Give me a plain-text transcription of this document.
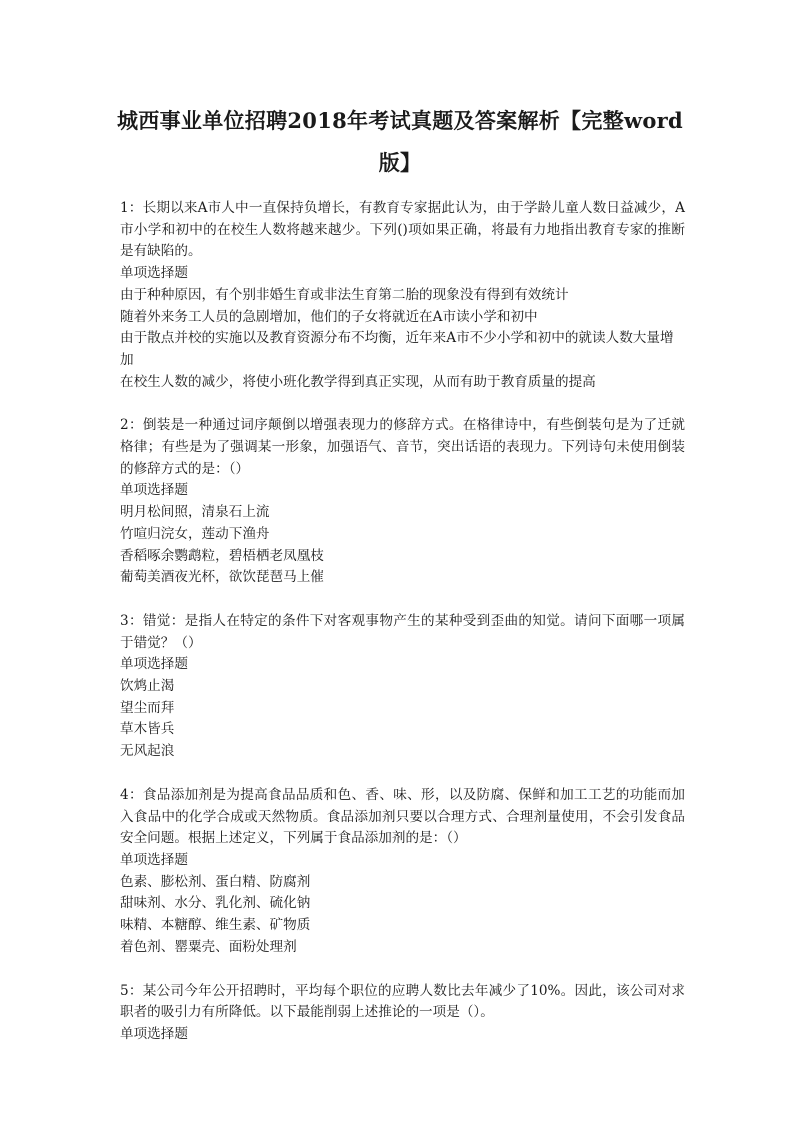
城西事业单位招聘2018年考试真题及答案解析【完整word版】

1：长期以来A市人中一直保持负增长，有教育专家据此认为，由于学龄儿童人数日益减少，A市小学和初中的在校生人数将越来越少。下列()项如果正确，将最有力地指出教育专家的推断是有缺陷的。

单项选择题

由于种种原因，有个别非婚生育或非法生育第二胎的现象没有得到有效统计

随着外来务工人员的急剧增加，他们的子女将就近在A市读小学和初中

由于散点并校的实施以及教育资源分布不均衡，近年来A市不少小学和初中的就读人数大量增加

在校生人数的减少，将使小班化教学得到真正实现，从而有助于教育质量的提高

2：倒装是一种通过词序颠倒以增强表现力的修辞方式。在格律诗中，有些倒装句是为了迁就格律；有些是为了强调某一形象，加强语气、音节，突出话语的表现力。下列诗句未使用倒装的修辞方式的是：（）

单项选择题

明月松间照，清泉石上流

竹喧归浣女，莲动下渔舟

香稻啄余鹦鹉粒，碧梧栖老凤凰枝

葡萄美酒夜光杯，欲饮琵琶马上催

3：错觉：是指人在特定的条件下对客观事物产生的某种受到歪曲的知觉。请问下面哪一项属于错觉？（）

单项选择题

饮鸩止渴

望尘而拜

草木皆兵

无风起浪

4：食品添加剂是为提高食品品质和色、香、味、形，以及防腐、保鲜和加工工艺的功能而加入食品中的化学合成或天然物质。食品添加剂只要以合理方式、合理剂量使用，不会引发食品安全问题。根据上述定义，下列属于食品添加剂的是：（）

单项选择题

色素、膨松剂、蛋白精、防腐剂

甜味剂、水分、乳化剂、硫化钠

味精、本糖醇、维生素、矿物质

着色剂、罂粟壳、面粉处理剂

5：某公司今年公开招聘时，平均每个职位的应聘人数比去年减少了10%。因此，该公司对求职者的吸引力有所降低。以下最能削弱上述推论的一项是（）。

单项选择题
